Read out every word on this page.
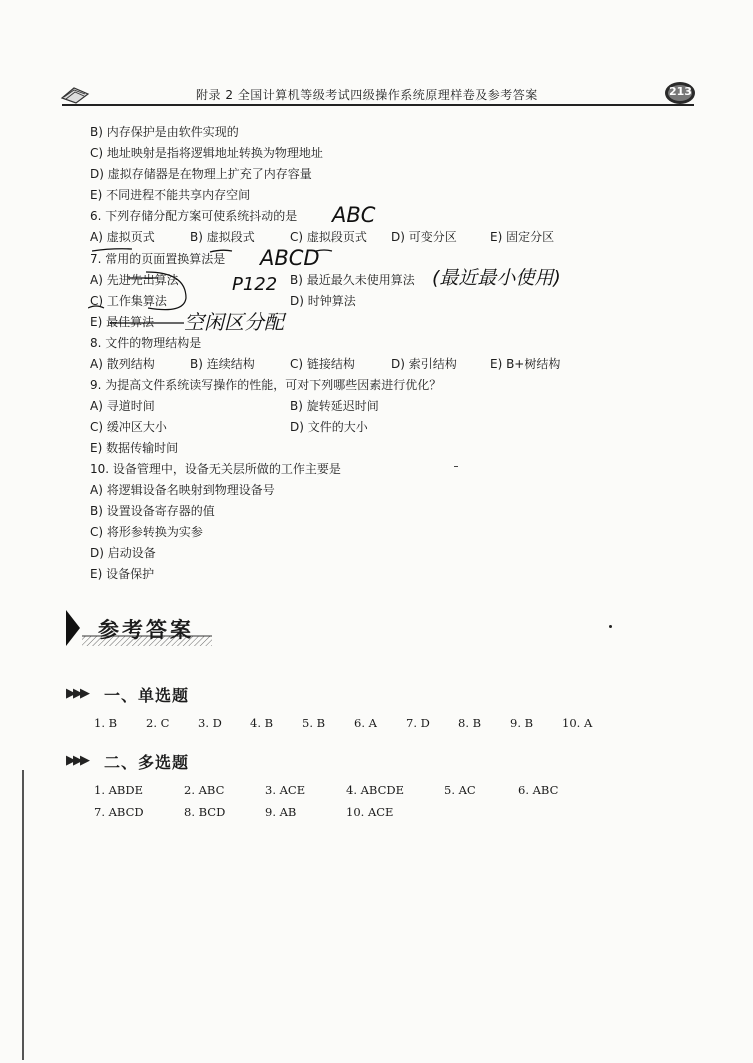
附录 2 全国计算机等级考试四级操作系统原理样卷及参考答案	213
B) 内存保护是由软件实现的
C) 地址映射是指将逻辑地址转换为物理地址
D) 虚拟存储器是在物理上扩充了内存容量
E) 不同进程不能共享内存空间
6. 下列存储分配方案可使系统抖动的是 ABC
A) 虚拟页式	B) 虚拟段式	C) 虚拟段页式 D) 可变分区	E) 固定分区
7. 常用的页面置换算法是 ABCD
A) 先进先出算法	P122 B) 最近最久未使用算法 (最近最小使用)
C) 工作集算法	D) 时钟算法
E) 最佳算法 空闲区分配
8. 文件的物理结构是
A) 散列结构	B) 连续结构	C) 链接结构	D) 索引结构	E) B+树结构
9. 为提高文件系统读写操作的性能，可对下列哪些因素进行优化？
A) 寻道时间	B) 旋转延迟时间
C) 缓冲区大小	D) 文件的大小
E) 数据传输时间
10. 设备管理中，设备无关层所做的工作主要是
A) 将逻辑设备名映射到物理设备号
B) 设置设备寄存器的值
C) 将形参转换为实参
D) 启动设备
E) 设备保护
参考答案
▶▶▶ 一、单选题
1. B	2. C 3. D 4. B	5. B	6. A	7. D 8. B	9. B	10. A
▶▶▶ 二、多选题
1. ABDE	2. ABC	3. ACE	4. ABCDE	5. AC	6. ABC
7. ABCD	8. BCD	9. AB	10. ACE
